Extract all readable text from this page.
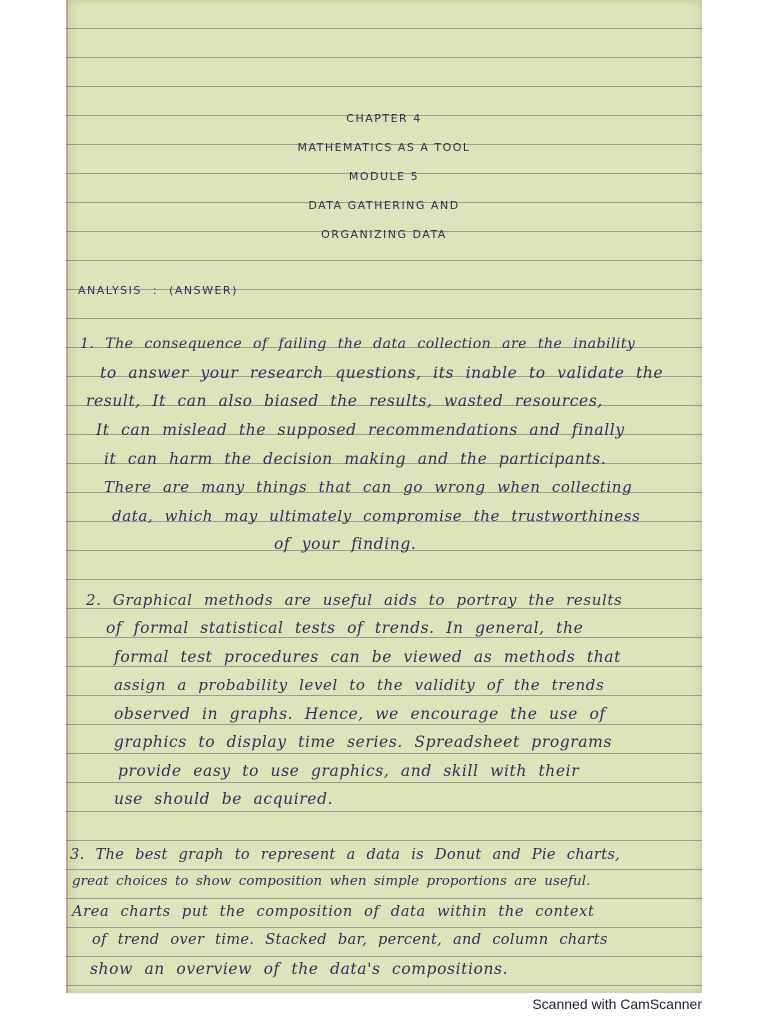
CHAPTER 4
MATHEMATICS AS A TOOL
MODULE 5
DATA GATHERING AND
ORGANIZING DATA
ANALYSIS : (ANSWER)
1. The consequence of failing the data collection are the inability
to answer your research questions, its inable to validate the
result, It can also biased the results, wasted resources,
It can mislead the supposed recommendations and finally
it can harm the decision making and the participants.
There are many things that can go wrong when collecting
data, which may ultimately compromise the trustworthiness
of your finding.
2. Graphical methods are useful aids to portray the results
of formal statistical tests of trends. In general, the
formal test procedures can be viewed as methods that
assign a probability level to the validity of the trends
observed in graphs. Hence, we encourage the use of
graphics to display time series. Spreadsheet programs
provide easy to use graphics, and skill with their
use should be acquired.
3. The best graph to represent a data is Donut and Pie charts,
great choices to show composition when simple proportions are useful.
Area charts put the composition of data within the context
of trend over time. Stacked bar, percent, and column charts
show an overview of the data's compositions.
Scanned with CamScanner
